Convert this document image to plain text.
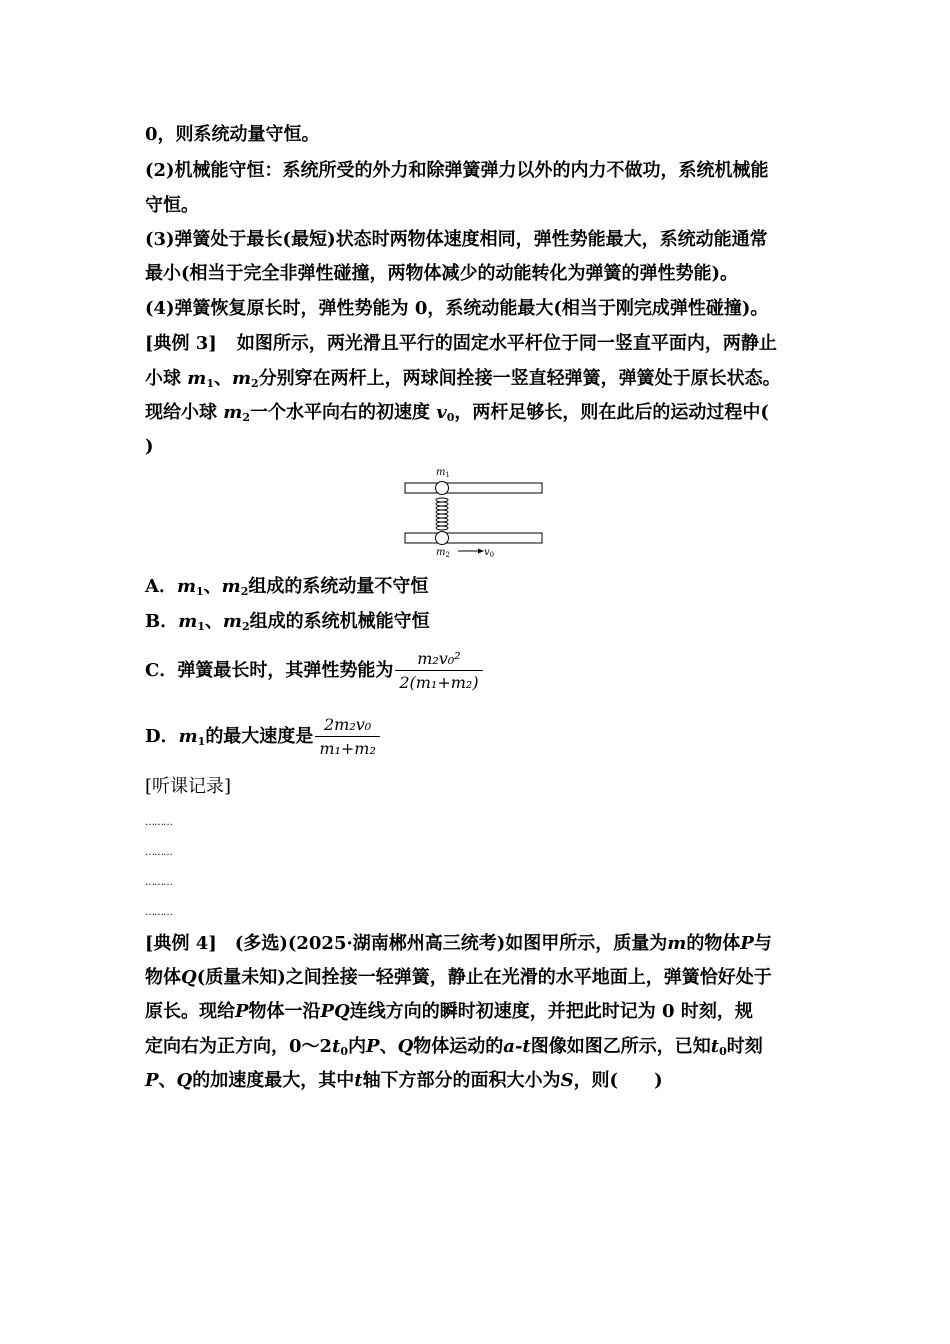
0，则系统动量守恒。
(2)机械能守恒：系统所受的外力和除弹簧弹力以外的内力不做功，系统机械能
守恒。
(3)弹簧处于最长(最短)状态时两物体速度相同，弹性势能最大，系统动能通常
最小(相当于完全非弹性碰撞，两物体减少的动能转化为弹簧的弹性势能)。
(4)弹簧恢复原长时，弹性势能为 0，系统动能最大(相当于刚完成弹性碰撞)。
[典例 3] 如图所示，两光滑且平行的固定水平杆位于同一竖直平面内，两静止
小球 $m_1$、$m_2$分别穿在两杆上，两球间拴接一竖直轻弹簧，弹簧处于原长状态。
现给小球 $m_2$一个水平向右的初速度 $v_0$，两杆足够长，则在此后的运动过程中(
)
$m_1$
$m_2$	$v_0$
A．$m_1$、$m_2$组成的系统动量不守恒
B．$m_1$、$m_2$组成的系统机械能守恒
C．弹簧最长时，其弹性势能为 $\frac{\text{m₂v₀²}}{\text{2(m₁+m₂)}}$
D．$m_1$的最大速度是 $\frac{\text{2m₂v₀}}{\text{m₁+m₂}}$
[听课记录]
………
………
………
………
[典例 4] (多选)(2025·湖南郴州高三统考)如图甲所示，质量为m的物体P与
物体Q(质量未知)之间拴接一轻弹簧，静止在光滑的水平地面上，弹簧恰好处于
原长。现给P物体一沿PQ连线方向的瞬时初速度，并把此时记为 0 时刻，规
定向右为正方向，$0\sim 2t_0$内P、Q物体运动的a-t图像如图乙所示，已知$t_0$时刻
P、Q的加速度最大，其中t轴下方部分的面积大小为S，则(　　)
